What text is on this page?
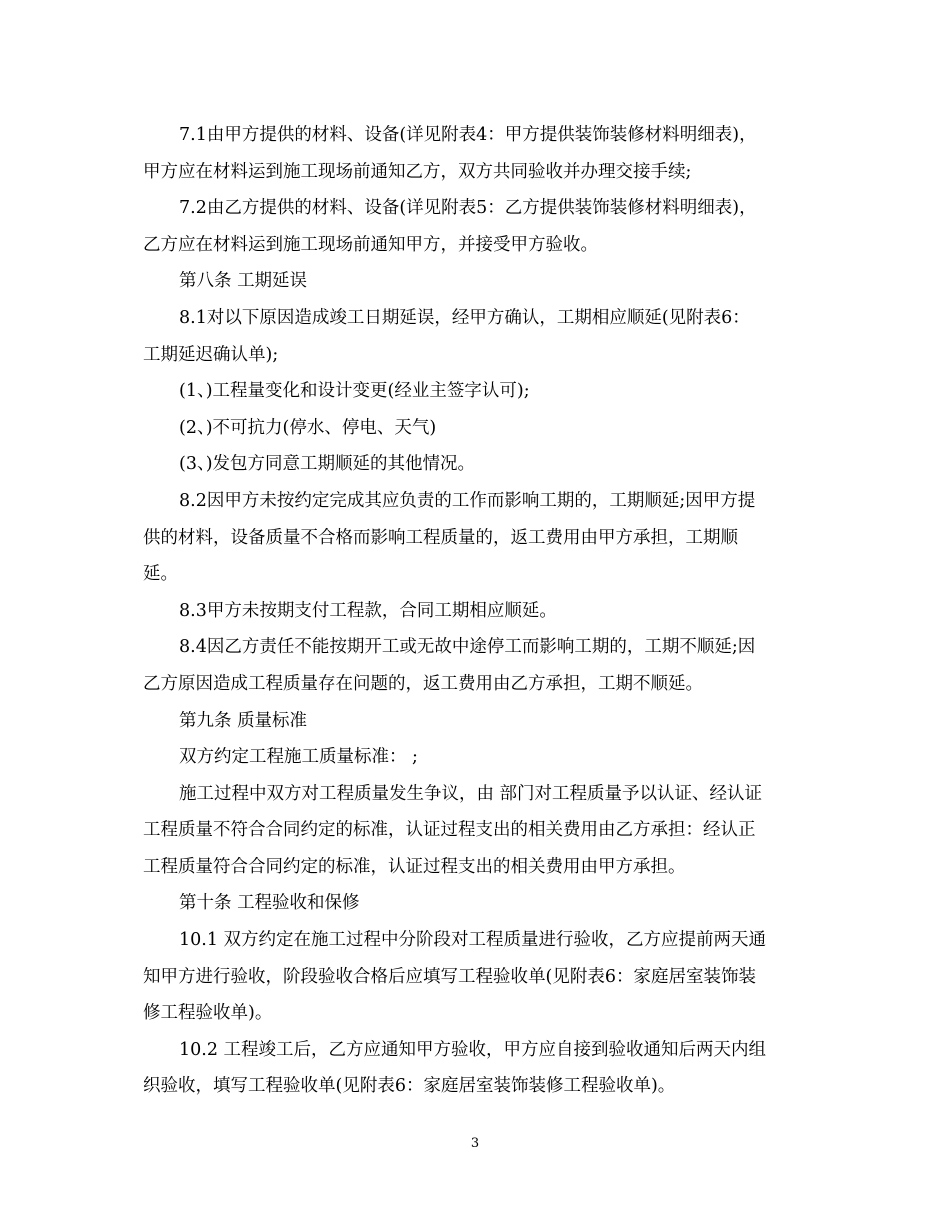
7.1由甲方提供的材料、设备(详见附表4：甲方提供装饰装修材料明细表)，
甲方应在材料运到施工现场前通知乙方，双方共同验收并办理交接手续;
7.2由乙方提供的材料、设备(详见附表5：乙方提供装饰装修材料明细表)，
乙方应在材料运到施工现场前通知甲方，并接受甲方验收。
第八条 工期延误
8.1对以下原因造成竣工日期延误，经甲方确认，工期相应顺延(见附表6：
工期延迟确认单);
(1、)工程量变化和设计变更(经业主签字认可);
(2、)不可抗力(停水、停电、天气)
(3、)发包方同意工期顺延的其他情况。
8.2因甲方未按约定完成其应负责的工作而影响工期的，工期顺延;因甲方提
供的材料，设备质量不合格而影响工程质量的，返工费用由甲方承担，工期顺
延。
8.3甲方未按期支付工程款，合同工期相应顺延。
8.4因乙方责任不能按期开工或无故中途停工而影响工期的，工期不顺延;因
乙方原因造成工程质量存在问题的，返工费用由乙方承担，工期不顺延。
第九条 质量标准
双方约定工程施工质量标准： ;
施工过程中双方对工程质量发生争议，由 部门对工程质量予以认证、经认证
工程质量不符合合同约定的标准，认证过程支出的相关费用由乙方承担：经认正
工程质量符合合同约定的标准，认证过程支出的相关费用由甲方承担。
第十条 工程验收和保修
10.1 双方约定在施工过程中分阶段对工程质量进行验收，乙方应提前两天通
知甲方进行验收，阶段验收合格后应填写工程验收单(见附表6：家庭居室装饰装
修工程验收单)。
10.2 工程竣工后，乙方应通知甲方验收，甲方应自接到验收通知后两天内组
织验收，填写工程验收单(见附表6：家庭居室装饰装修工程验收单)。
3
